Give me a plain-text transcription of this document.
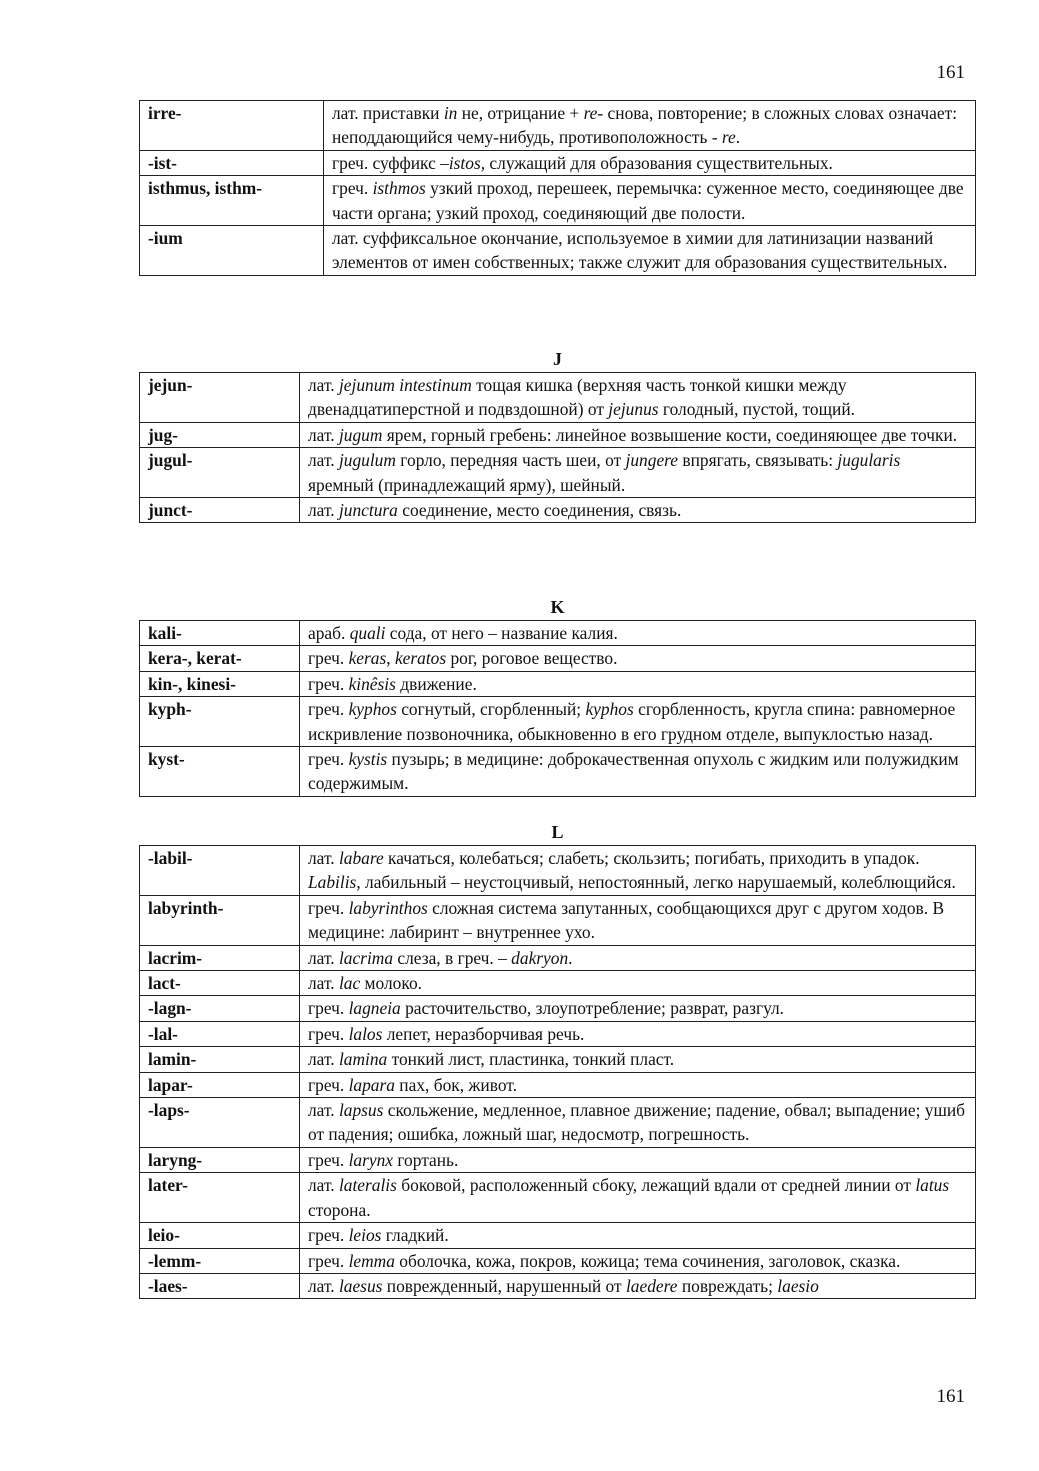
161
irre-	лат. приставки in не, отрицание + re- снова, повторение; в сложных словах означает: неподдающийся чему-нибудь, противоположность - re.
-ist-	греч. суффикс –istos, служащий для образования существительных.
isthmus, isthm-	греч. isthmos узкий проход, перешеек, перемычка: суженное место, соединяющее две части органа; узкий проход, соединяющий две полости.
-ium	лат. суффиксальное окончание, используемое в химии для латинизации названий элементов от имен собственных; также служит для образования существительных.
J
jejun-	лат. jejunum intestinum тощая кишка (верхняя часть тонкой кишки между двенадцатиперстной и подвздошной) от jejunus голодный, пустой, тощий.
jug-	лат. jugum ярем, горный гребень: линейное возвышение кости, соединяющее две точки.
jugul-	лат. jugulum горло, передняя часть шеи, от jungere впрягать, связывать: jugularis яремный (принадлежащий ярму), шейный.
junct-	лат. junctura соединение, место соединения, связь.
K
kali-	араб. quali сода, от него – название калия.
kera-, kerat-	греч. keras, keratos рог, роговое вещество.
kin-, kinesi-	греч. kinêsis движение.
kyph-	греч. kyphos согнутый, сгорбленный; kyphos сгорбленность, кругла спина: равномерное искривление позвоночника, обыкновенно в его грудном отделе, выпуклостью назад.
kyst-	греч. kystis пузырь; в медицине: доброкачественная опухоль с жидким или полужидким содержимым.
L
-labil-	лат. labare качаться, колебаться; слабеть; скользить; погибать, приходить в упадок. Labilis, лабильный – неустоцчивый, непостоянный, легко нарушаемый, колеблющийся.
labyrinth-	греч. labyrinthos сложная система запутанных, сообщающихся друг с другом ходов. В медицине: лабиринт – внутреннее ухо.
lacrim-	лат. lacrima слеза, в греч. – dakryon.
lact-	лат. lac молоко.
-lagn-	греч. lagneia расточительство, злоупотребление; разврат, разгул.
-lal-	греч. lalos лепет, неразборчивая речь.
lamin-	лат. lamina тонкий лист, пластинка, тонкий пласт.
lapar-	греч. lapara пах, бок, живот.
-laps-	лат. lapsus скольжение, медленное, плавное движение; падение, обвал; выпадение; ушиб от падения; ошибка, ложный шаг, недосмотр, погрешность.
laryng-	греч. larynx гортань.
later-	лат. lateralis боковой, расположенный сбоку, лежащий вдали от средней линии от latus сторона.
leio-	греч. leios гладкий.
-lemm-	греч. lemma оболочка, кожа, покров, кожица; тема сочинения, заголовок, сказка.
-laes-	лат. laesus поврежденный, нарушенный от laedere повреждать; laesio
161
